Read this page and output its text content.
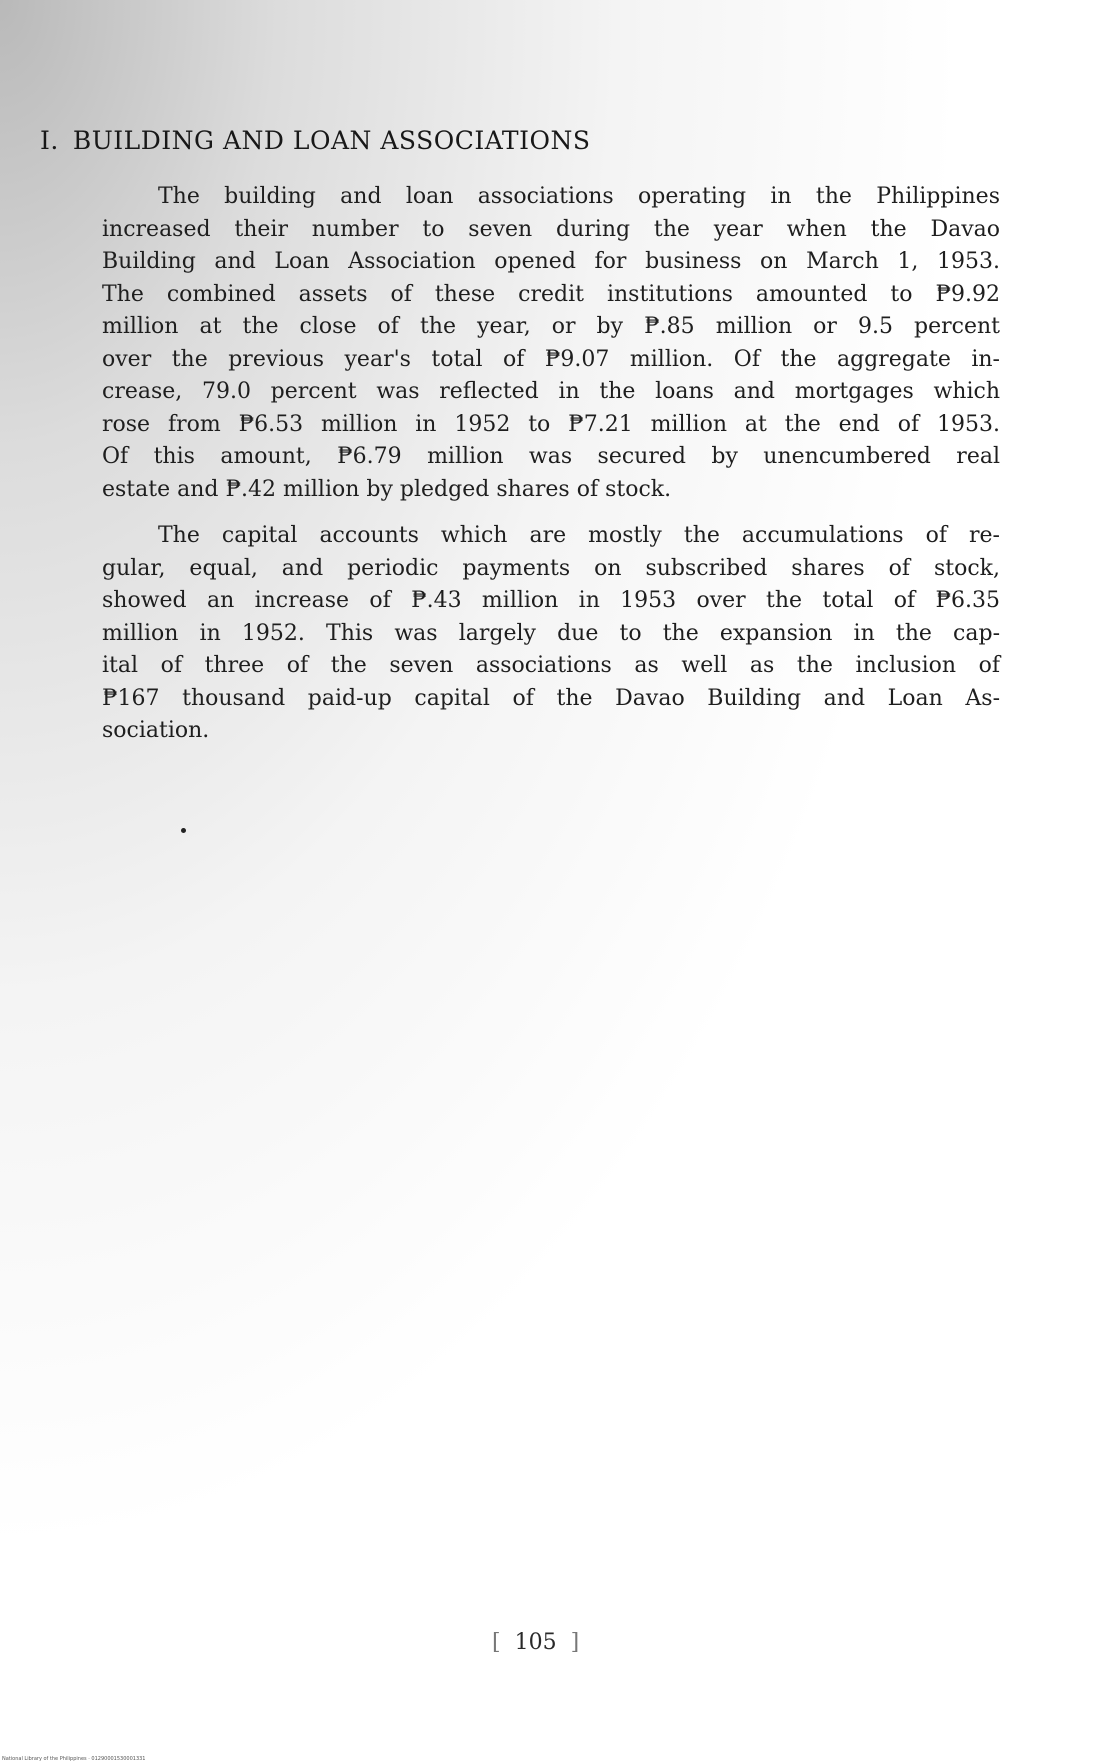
I. BUILDING AND LOAN ASSOCIATIONS

The building and loan associations operating in the Philippines
increased their number to seven during the year when the Davao
Building and Loan Association opened for business on March 1, 1953.
The combined assets of these credit institutions amounted to ₱9.92
million at the close of the year, or by ₱.85 million or 9.5 percent
over the previous year's total of ₱9.07 million. Of the aggregate in-
crease, 79.0 percent was reflected in the loans and mortgages which
rose from ₱6.53 million in 1952 to ₱7.21 million at the end of 1953.
Of this amount, ₱6.79 million was secured by unencumbered real
estate and ₱.42 million by pledged shares of stock.

The capital accounts which are mostly the accumulations of re-
gular, equal, and periodic payments on subscribed shares of stock,
showed an increase of ₱.43 million in 1953 over the total of ₱6.35
million in 1952. This was largely due to the expansion in the cap-
ital of three of the seven associations as well as the inclusion of
₱167 thousand paid-up capital of the Davao Building and Loan As-
sociation.

[ 105 ]
National Library of the Philippines · 01290001530001331
